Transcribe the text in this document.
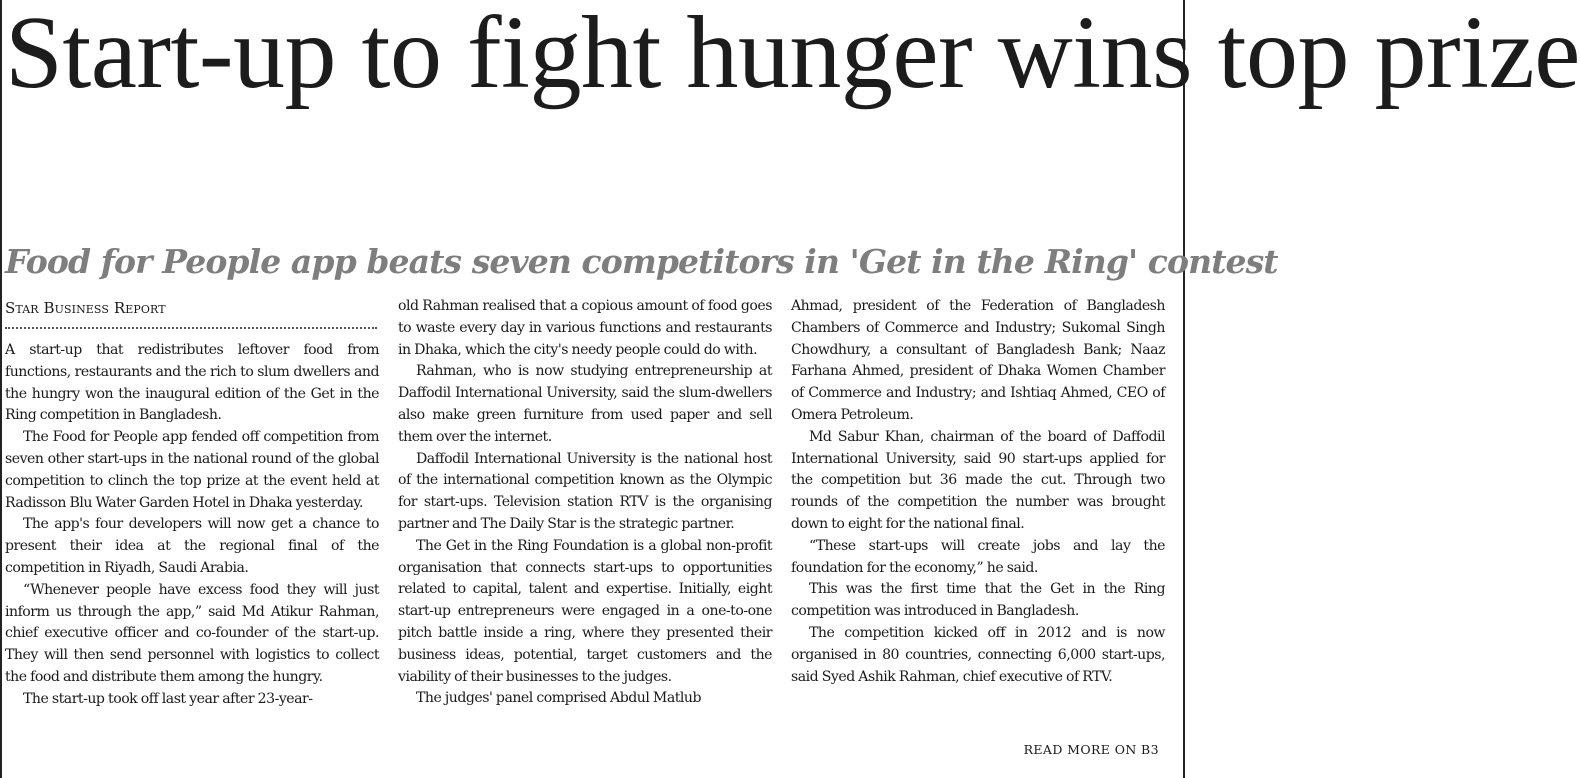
Start-up to fight hunger wins top prize
Food for People app beats seven competitors in 'Get in the Ring' contest
Star Business Report

A start-up that redistributes leftover food from functions, restaurants and the rich to slum dwellers and the hungry won the inaugural edition of the Get in the Ring competition in Bangladesh.

The Food for People app fended off competition from seven other start-ups in the national round of the global competition to clinch the top prize at the event held at Radisson Blu Water Garden Hotel in Dhaka yesterday.

The app's four developers will now get a chance to present their idea at the regional final of the competition in Riyadh, Saudi Arabia.

“Whenever people have excess food they will just inform us through the app,” said Md Atikur Rahman, chief executive officer and co-founder of the start-up. They will then send personnel with logistics to collect the food and distribute them among the hungry.

The start-up took off last year after 23-year-

old Rahman realised that a copious amount of food goes to waste every day in various functions and restaurants in Dhaka, which the city's needy people could do with.

Rahman, who is now studying entrepreneurship at Daffodil International University, said the slum-dwellers also make green furniture from used paper and sell them over the internet.

Daffodil International University is the national host of the international competition known as the Olympic for start-ups. Television station RTV is the organising partner and The Daily Star is the strategic partner.

The Get in the Ring Foundation is a global non-profit organisation that connects start-ups to opportunities related to capital, talent and expertise. Initially, eight start-up entrepreneurs were engaged in a one-to-one pitch battle inside a ring, where they presented their business ideas, potential, target customers and the viability of their businesses to the judges.

The judges' panel comprised Abdul Matlub

Ahmad, president of the Federation of Bangladesh Chambers of Commerce and Industry; Sukomal Singh Chowdhury, a consultant of Bangladesh Bank; Naaz Farhana Ahmed, president of Dhaka Women Chamber of Commerce and Industry; and Ishtiaq Ahmed, CEO of Omera Petroleum.

Md Sabur Khan, chairman of the board of Daffodil International University, said 90 start-ups applied for the competition but 36 made the cut. Through two rounds of the competition the number was brought down to eight for the national final.

“These start-ups will create jobs and lay the foundation for the economy,” he said.

This was the first time that the Get in the Ring competition was introduced in Bangladesh.

The competition kicked off in 2012 and is now organised in 80 countries, connecting 6,000 start-ups, said Syed Ashik Rahman, chief executive of RTV.

READ MORE ON B3
